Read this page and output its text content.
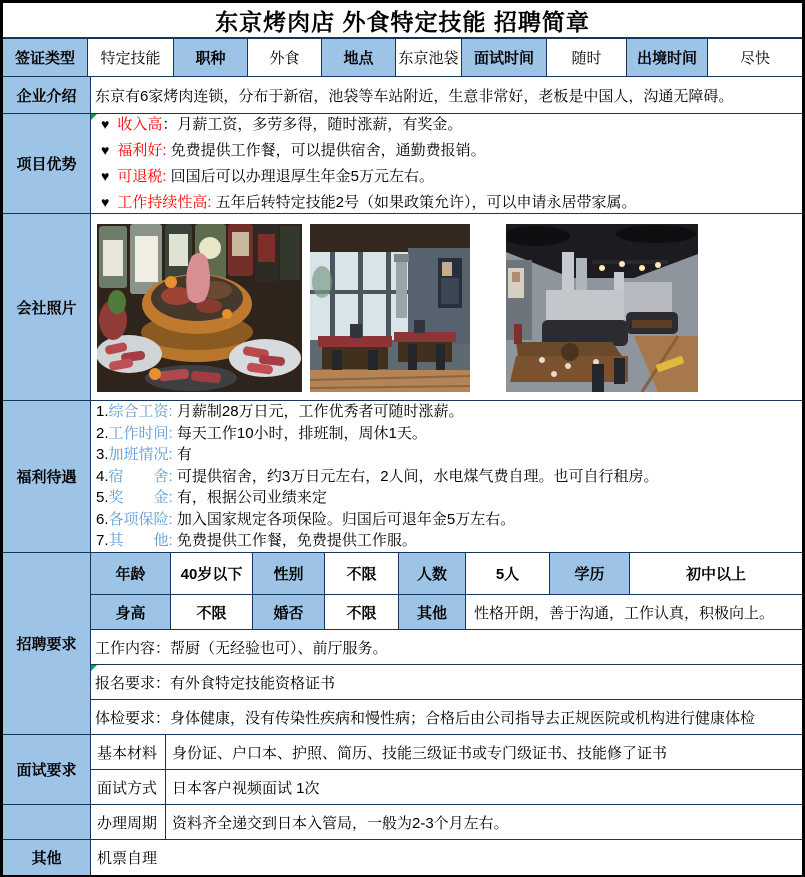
东京烤肉店 外食特定技能 招聘简章
签证类型	特定技能	职种	外食	地点	东京池袋	面试时间	随时	出境时间	尽快
企业介绍	东京有6家烤肉连锁，分布于新宿，池袋等车站附近，生意非常好，老板是中国人，沟通无障碍。
项目优势
♥ 收入高：月薪工资，多劳多得，随时涨薪，有奖金。
♥ 福利好: 免费提供工作餐，可以提供宿舍，通勤费报销。
♥ 可退税: 回国后可以办理退厚生年金5万元左右。
♥ 工作持续性高: 五年后转特定技能2号（如果政策允许），可以申请永居带家属。
会社照片
福利待遇
1.综合工资: 月薪制28万日元，工作优秀者可随时涨薪。
2.工作时间: 每天工作10小时，排班制，周休1天。
3.加班情况: 有
4.宿　　舍: 可提供宿舍，约3万日元左右，2人间，水电煤气费自理。也可自行租房。
5.奖　　金: 有，根据公司业绩来定
6.各项保险: 加入国家规定各项保险。归国后可退年金5万左右。
7.其　　他: 免费提供工作餐，免费提供工作服。
招聘要求
年龄	40岁以下	性别	不限	人数	5人	学历	初中以上
身高	不限	婚否	不限	其他	性格开朗，善于沟通，工作认真，积极向上。
工作内容：帮厨（无经验也可）、前厅服务。
报名要求：有外食特定技能资格证书
体检要求：身体健康，没有传染性疾病和慢性病；合格后由公司指导去正规医院或机构进行健康体检
面试要求
基本材料 身份证、户口本、护照、简历、技能三级证书或专门级证书、技能修了证书
面试方式 日本客户视频面试 1次
办理周期 资料齐全递交到日本入管局，一般为2-3个月左右。
其他	机票自理
